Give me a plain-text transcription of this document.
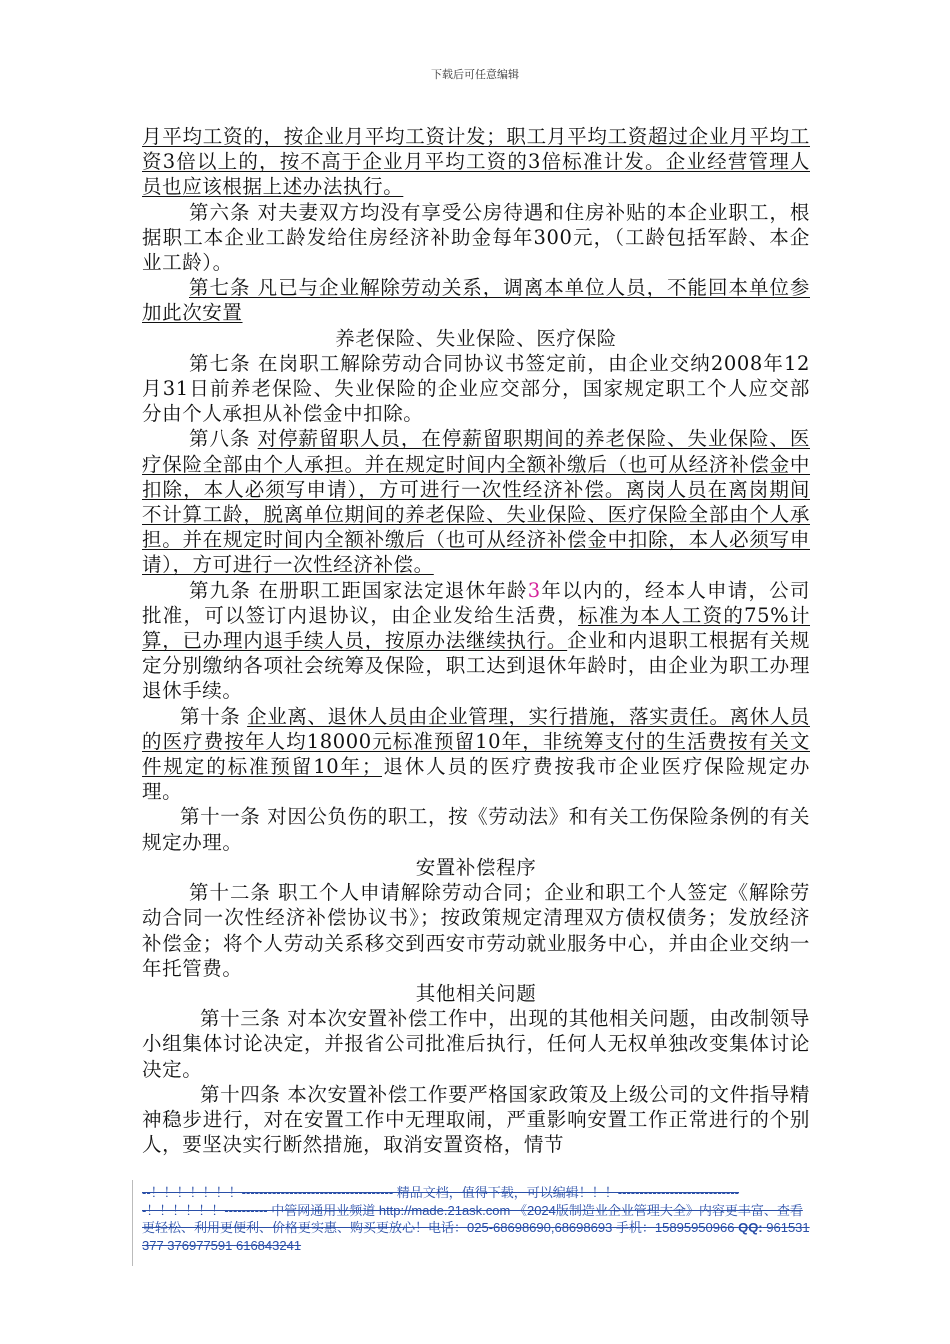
下载后可任意编辑

月平均工资的，按企业月平均工资计发；职工月平均工资超过企业月平均工资3倍以上的，按不高于企业月平均工资的3倍标准计发。企业经营管理人员也应该根据上述办法执行。

第六条 对夫妻双方均没有享受公房待遇和住房补贴的本企业职工，根据职工本企业工龄发给住房经济补助金每年300元，（工龄包括军龄、本企业工龄）。

第七条 凡已与企业解除劳动关系，调离本单位人员，不能回本单位参加此次安置

养老保险、失业保险、医疗保险

第七条 在岗职工解除劳动合同协议书签定前，由企业交纳2008年12月31日前养老保险、失业保险的企业应交部分，国家规定职工个人应交部分由个人承担从补偿金中扣除。

第八条 对停薪留职人员，在停薪留职期间的养老保险、失业保险、医疗保险全部由个人承担。并在规定时间内全额补缴后（也可从经济补偿金中扣除，本人必须写申请），方可进行一次性经济补偿。离岗人员在离岗期间不计算工龄，脱离单位期间的养老保险、失业保险、医疗保险全部由个人承担。并在规定时间内全额补缴后（也可从经济补偿金中扣除，本人必须写申请），方可进行一次性经济补偿。

第九条 在册职工距国家法定退休年龄3年以内的，经本人申请，公司批准，可以签订内退协议，由企业发给生活费，标准为本人工资的75%计算，已办理内退手续人员，按原办法继续执行。企业和内退职工根据有关规定分别缴纳各项社会统筹及保险，职工达到退休年龄时，由企业为职工办理退休手续。

第十条 企业离、退休人员由企业管理，实行措施，落实责任。离休人员的医疗费按年人均18000元标准预留10年，非统筹支付的生活费按有关文件规定的标准预留10年；退休人员的医疗费按我市企业医疗保险规定办理。

第十一条 对因公负伤的职工，按《劳动法》和有关工伤保险条例的有关规定办理。

安置补偿程序

第十二条 职工个人申请解除劳动合同；企业和职工个人签定《解除劳动合同一次性经济补偿协议书》；按政策规定清理双方债权债务；发放经济补偿金；将个人劳动关系移交到西安市劳动就业服务中心，并由企业交纳一年托管费。

其他相关问题

第十三条 对本次安置补偿工作中，出现的其他相关问题，由改制领导小组集体讨论决定，并报省公司批准后执行，任何人无权单独改变集体讨论决定。

第十四条 本次安置补偿工作要严格国家政策及上级公司的文件指导精神稳步进行，对在安置工作中无理取闹，严重影响安置工作正常进行的个别人，要坚决实行断然措施，取消安置资格，情节

--！！！！！！！----------------------------------- 精品文档，值得下载，可以编辑！！！-----------------------------！！！！！！---------- 中管网通用业频道 http://made.21ask.com 《2024版制造业企业管理大全》内容更丰富、查看更轻松、利用更便利、价格更实惠、购买更放心！电话：025-68698690,68698693 手机：15895950966 QQ: 961531377 376977591 616843241
